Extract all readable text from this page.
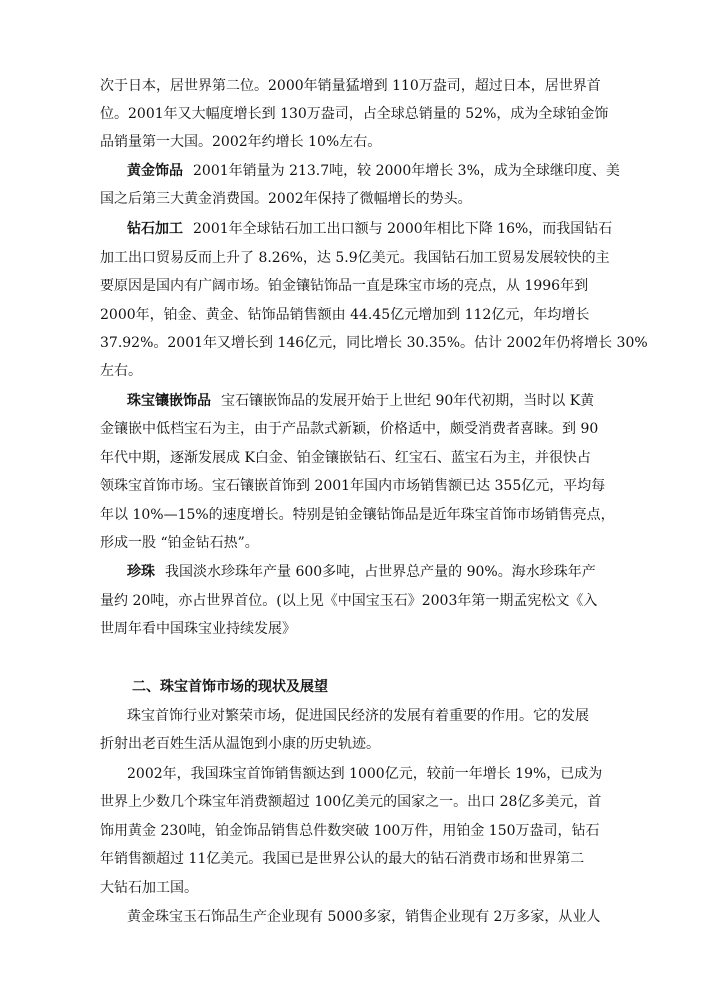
次于日本，居世界第二位。2000年销量猛增到 110万盎司，超过日本，居世界首
位。2001年又大幅度增长到 130万盎司，占全球总销量的 52%，成为全球铂金饰
品销量第一大国。2002年约增长 10%左右。
黄金饰品 2001年销量为 213.7吨，较 2000年增长 3%，成为全球继印度、美
国之后第三大黄金消费国。2002年保持了微幅增长的势头。
钻石加工 2001年全球钻石加工出口额与 2000年相比下降 16%，而我国钻石
加工出口贸易反而上升了 8.26%，达 5.9亿美元。我国钻石加工贸易发展较快的主
要原因是国内有广阔市场。铂金镶钻饰品一直是珠宝市场的亮点，从 1996年到
2000年，铂金、黄金、钻饰品销售额由 44.45亿元增加到 112亿元，年均增长
37.92%。2001年又增长到 146亿元，同比增长 30.35%。估计 2002年仍将增长 30%
左右。
珠宝镶嵌饰品 宝石镶嵌饰品的发展开始于上世纪 90年代初期，当时以 K黄
金镶嵌中低档宝石为主，由于产品款式新颖，价格适中，颇受消费者喜睐。到 90
年代中期，逐渐发展成 K白金、铂金镶嵌钻石、红宝石、蓝宝石为主，并很快占
领珠宝首饰市场。宝石镶嵌首饰到 2001年国内市场销售额已达 355亿元，平均每
年以 10%—15%的速度增长。特别是铂金镶钻饰品是近年珠宝首饰市场销售亮点，
形成一股 “铂金钻石热”。
珍珠 我国淡水珍珠年产量 600多吨，占世界总产量的 90%。海水珍珠年产
量约 20吨，亦占世界首位。(以上见《中国宝玉石》2003年第一期孟宪松文《入
世周年看中国珠宝业持续发展》
二、珠宝首饰市场的现状及展望
珠宝首饰行业对繁荣市场，促进国民经济的发展有着重要的作用。它的发展
折射出老百姓生活从温饱到小康的历史轨迹。
2002年，我国珠宝首饰销售额达到 1000亿元，较前一年增长 19%，已成为
世界上少数几个珠宝年消费额超过 100亿美元的国家之一。出口 28亿多美元，首
饰用黄金 230吨，铂金饰品销售总件数突破 100万件，用铂金 150万盎司，钻石
年销售额超过 11亿美元。我国已是世界公认的最大的钻石消费市场和世界第二
大钻石加工国。
黄金珠宝玉石饰品生产企业现有 5000多家，销售企业现有 2万多家，从业人
